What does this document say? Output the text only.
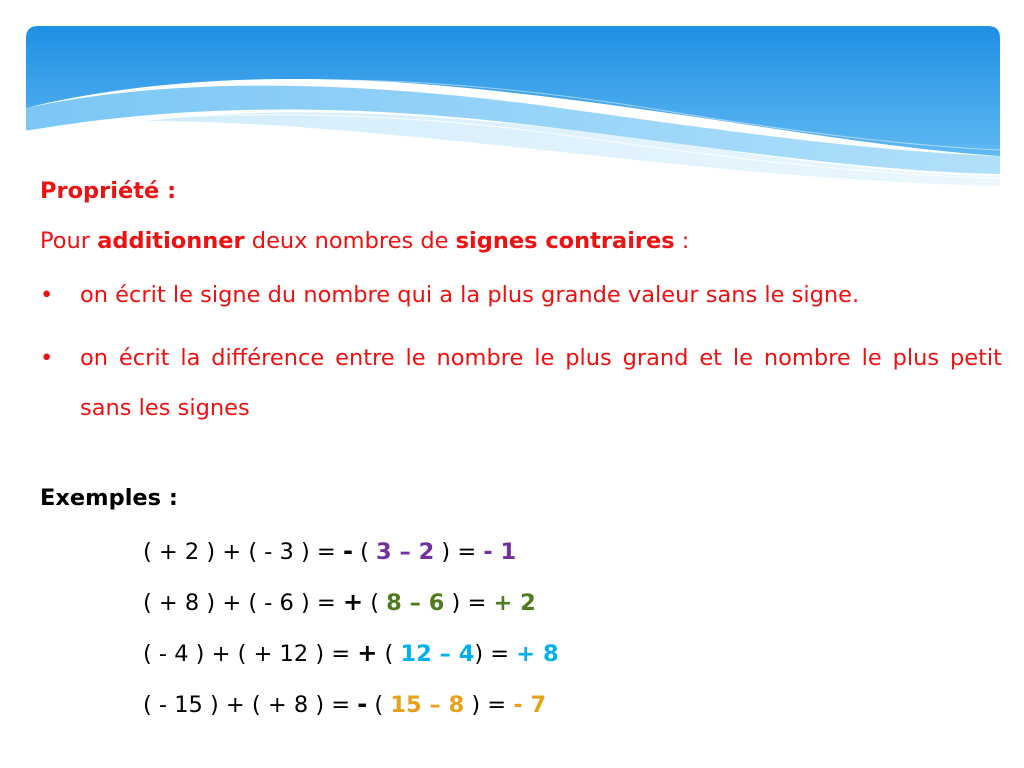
Propriété :
Pour additionner deux nombres de signes contraires :
• on écrit le signe du nombre qui a la plus grande valeur sans le signe.
• on écrit la différence entre le nombre le plus grand et le nombre le plus petit sans les signes
Exemples :
( + 2 ) + ( - 3 ) = - ( 3 – 2 ) = - 1
( + 8 ) + ( - 6 ) = + ( 8 – 6 ) = + 2
( - 4 ) + ( + 12 ) = + ( 12 – 4) = + 8
( - 15 ) + ( + 8 ) = - ( 15 – 8 ) = - 7
